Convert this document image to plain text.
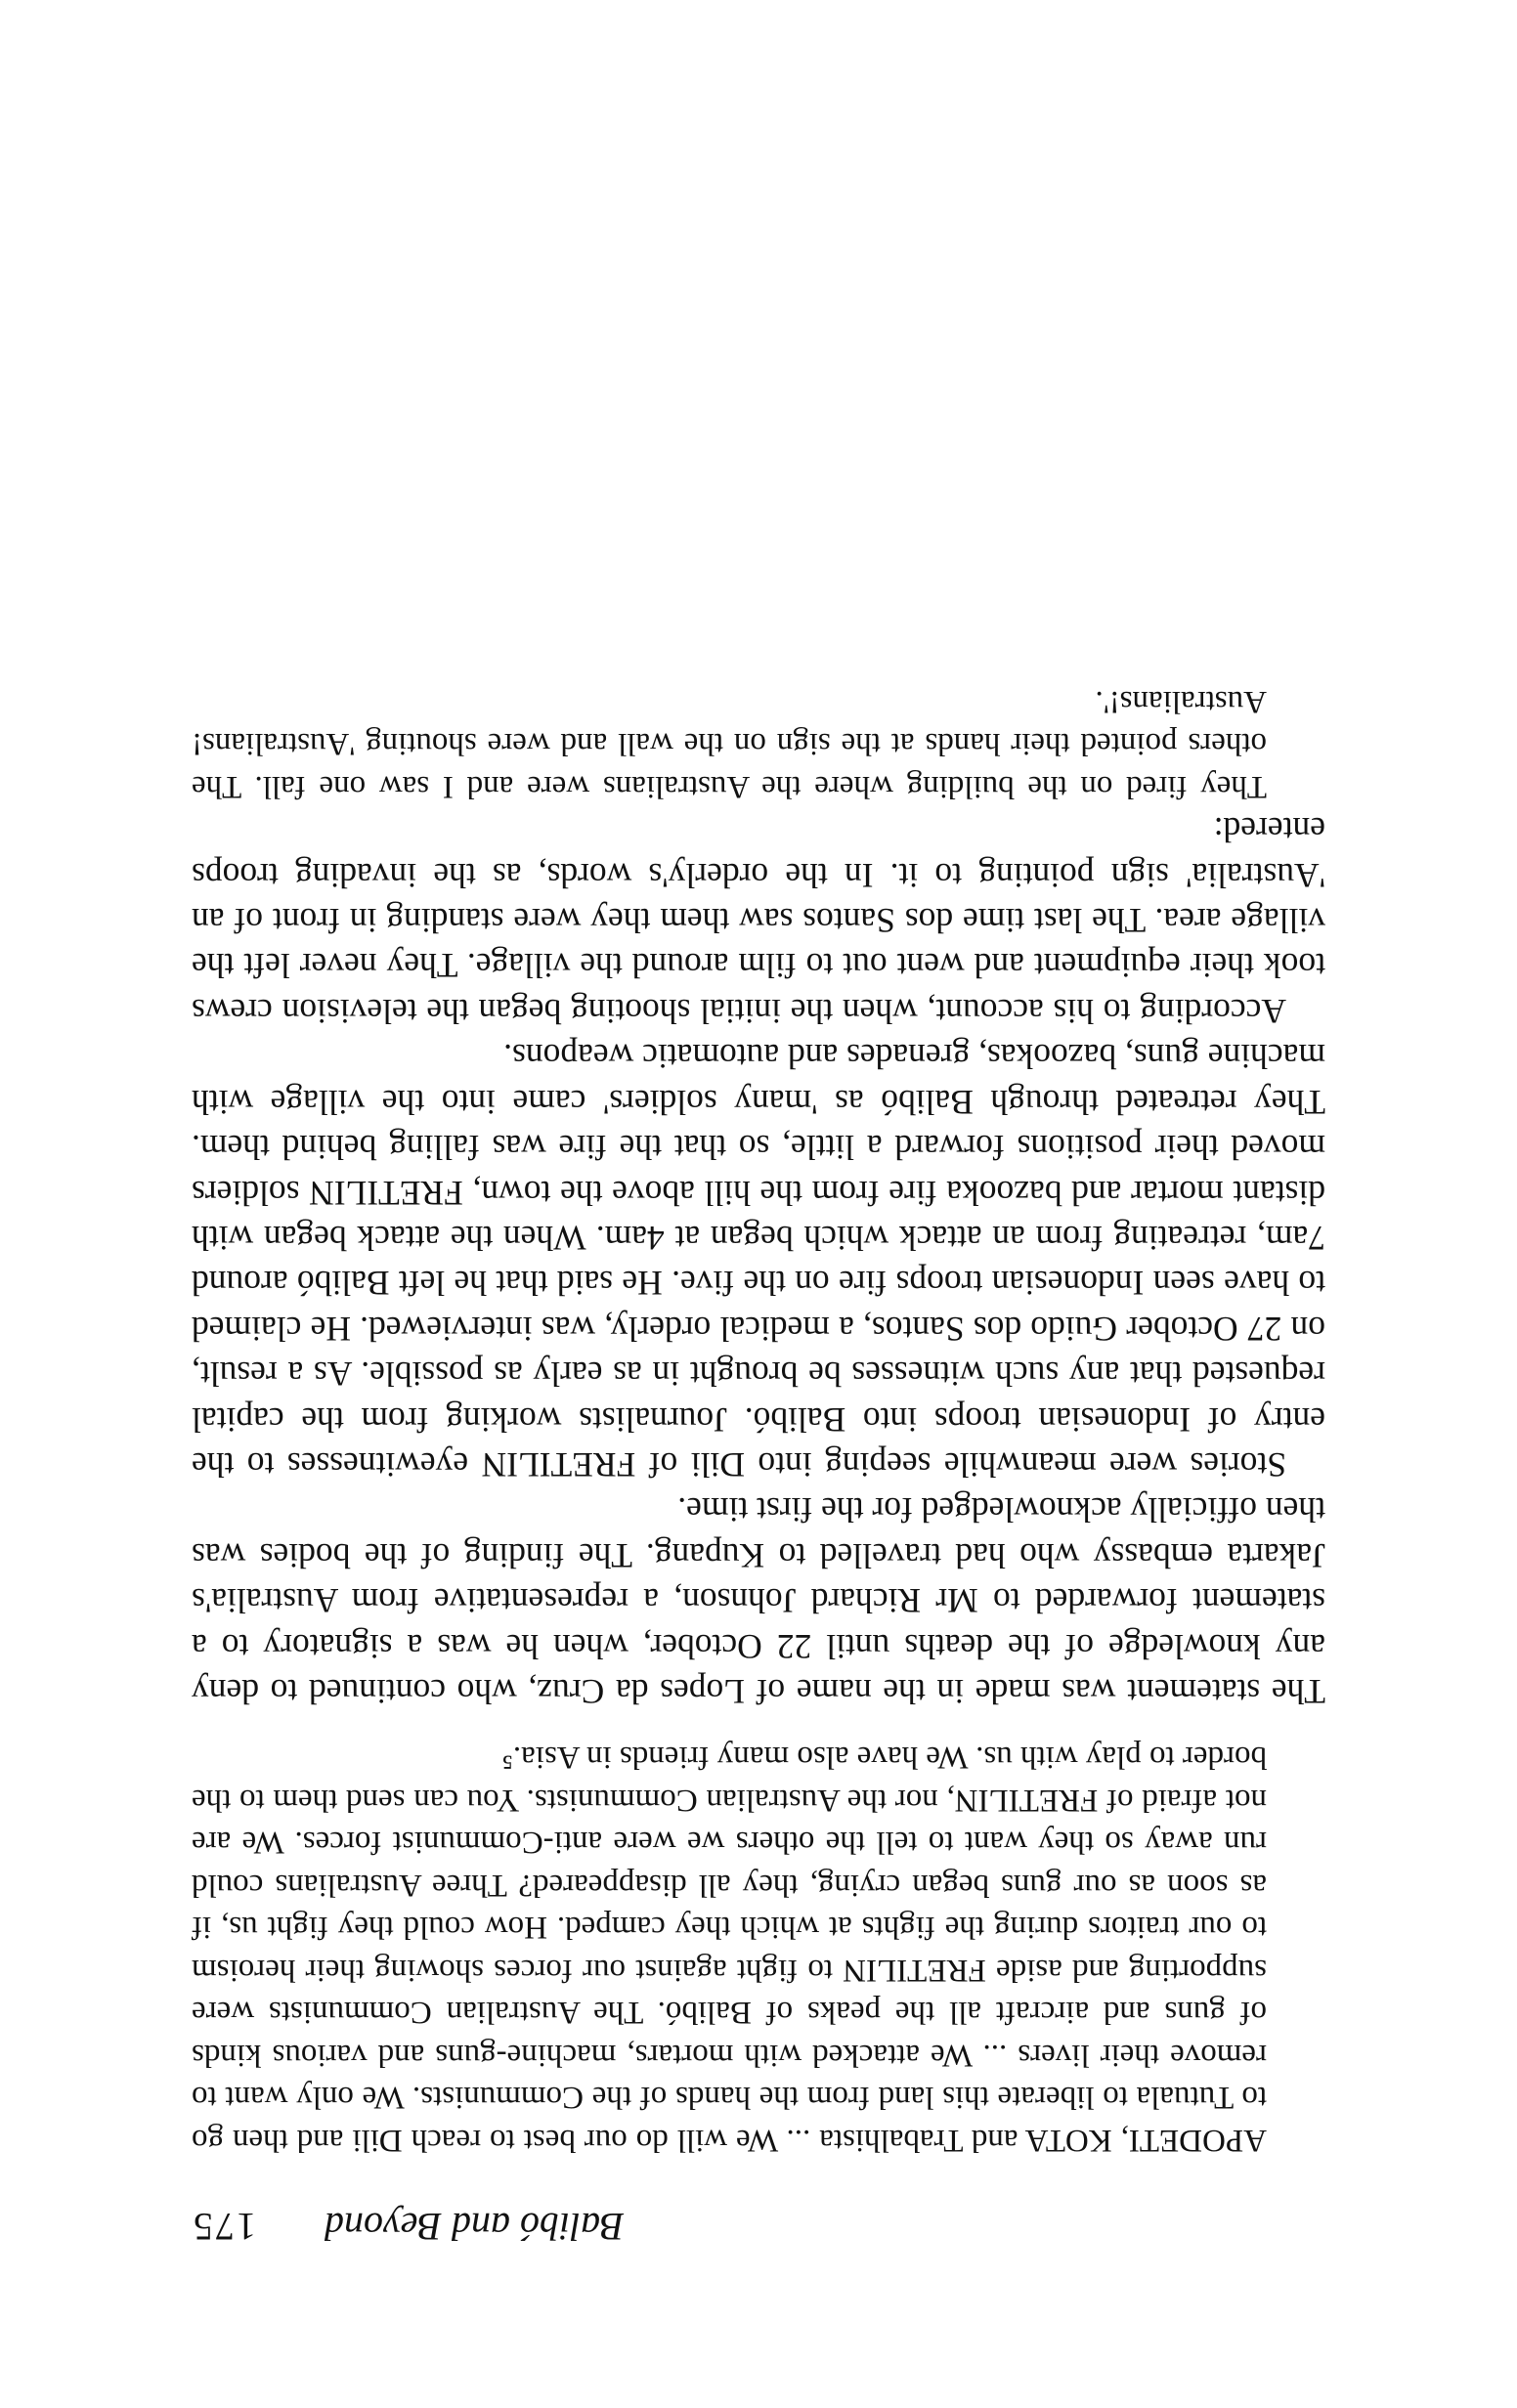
Balibó and Beyond
175

APODETI, KOTA and Trabalhista ... We will do our best to reach Dili and then go to Tutuala to liberate this land from the hands of the Communists. We only want to remove their livers ... We attacked with mortars, machine-guns and various kinds of guns and aircraft all the peaks of Balibó. The Australian Communists were supporting and aside FRETILIN to fight against our forces showing their heroism to our traitors during the fights at which they camped. How could they fight us, if as soon as our guns began crying, they all disappeared? Three Australians could run away so they want to tell the others we were anti-Communist forces. We are not afraid of FRETILIN, nor the Australian Communists. You can send them to the border to play with us. We have also many friends in Asia.⁵

The statement was made in the name of Lopes da Cruz, who continued to deny any knowledge of the deaths until 22 October, when he was a signatory to a statement forwarded to Mr Richard Johnson, a representative from Australia's Jakarta embassy who had travelled to Kupang. The finding of the bodies was then officially acknowledged for the first time.

Stories were meanwhile seeping into Dili of FRETILIN eyewitnesses to the entry of Indonesian troops into Balibó. Journalists working from the capital requested that any such witnesses be brought in as early as possible. As a result, on 27 October Guido dos Santos, a medical orderly, was interviewed. He claimed to have seen Indonesian troops fire on the five. He said that he left Balibó around 7am, retreating from an attack which began at 4am. When the attack began with distant mortar and bazooka fire from the hill above the town, FRETILIN soldiers moved their positions forward a little, so that the fire was falling behind them. They retreated through Balibó as 'many soldiers' came into the village with machine guns, bazookas, grenades and automatic weapons.

According to his account, when the initial shooting began the television crews took their equipment and went out to film around the village. They never left the village area. The last time dos Santos saw them they were standing in front of an 'Australia' sign pointing to it. In the orderly's words, as the invading troops entered:

They fired on the building where the Australians were and I saw one fall. The others pointed their hands at the sign on the wall and were shouting 'Australians! Australians!'.
